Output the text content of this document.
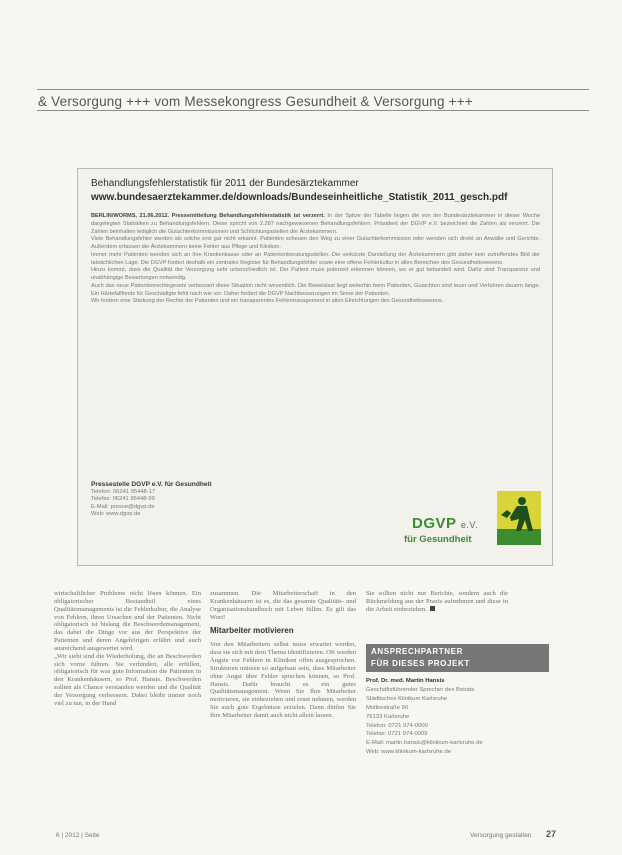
& Versorgung +++ vom Messekongress Gesundheit & Versorgung +++
Behandlungsfehlerstatistik für 2011 der Bundesärztekammer
www.bundesaerztekammer.de/downloads/Bundeseinheitliche_Statistik_2011_gesch.pdf

BERLIN/WORMS, 21.06.2012. Pressemitteilung Behandlungsfehlerstatistik ist verzerrt. In der Spitze der Tabelle liegen die von der Bundesärztekammer in dieser Woche dargelegten Statistiken zu Behandlungsfehlern. Diese spricht von 2.287 nachgewiesenen Behandlungsfehlern. Präsident der DGVP e.V. bezeichnet die Zahlen als verzerrt. Die Zahlen beinhalten lediglich die Gutachterkommissionen und Schlichtungsstellen der Ärztekammern.

Viele Behandlungsfehler werden als solche erst gar nicht erkannt. Patienten scheuen den Weg zu einer Gutachterkommission oder wenden sich direkt an Anwälte und Gerichte. Außerdem erfassen die Ärztekammern keine Fehler aus Pflege und Kliniken.

Immer mehr Patienten wenden sich an ihre Krankenkasse oder an Patientenberatungsstellen. Die verkürzte Darstellung der Ärztekammern gibt daher kein zutreffendes Bild der tatsächlichen Lage. Die DGVP fordert deshalb ein zentrales Register für Behandlungsfehler sowie eine offene Fehlerkultur in allen Bereichen des Gesundheitswesens.

Hinzu kommt, dass die Qualität der Versorgung sehr unterschiedlich ist. Der Patient muss jederzeit erkennen können, wo er gut behandelt wird. Dafür sind Transparenz und unabhängige Bewertungen notwendig.

Auch das neue Patientenrechtegesetz verbessert diese Situation nicht wesentlich. Die Beweislast liegt weiterhin beim Patienten, Gutachten sind teuer und Verfahren dauern lange. Ein Härtefallfonds für Geschädigte fehlt nach wie vor. Daher fordert die DGVP Nachbesserungen im Sinne der Patienten.

Wir fordern eine Stärkung der Rechte der Patienten und ein transparentes Fehlermanagement in allen Einrichtungen des Gesundheitswesens.

Pressestelle DGVP e.V. für Gesundheit
Telefon: 06241 95448-17
Telefax: 06241 95448-99
E-Mail: presse@dgvp.de
Web: www.dgvp.de
DGVP e.V.
für Gesundheit

wirtschaftlicher Probleme nicht lösen können. Ein obligatorischer Bestandteil eines Qualitätsmanagements ist die Fehlerkultur, die Analyse von Fehlern, ihren Ursachen und der Patienten. Nicht obligatorisch ist bislang die Beschwerdemanagement, das dabei die Dinge vor aus der Perspektive der Patienten und deren Angehörigen erfährt und auch ausreichend ausgewertet wird.

„Wir sieht sind die Wiederholung, die an Beschwerden sich vorne führen. Sie verhindert, alle erfüllen, obligatorisch für was gute Information die Patienten in den Krankenhäusern, so Prof. Hansis. Beschwerden sollten als Chance verstanden werden und die Qualität der Versorgung verbessern. Dabei bleibt immer noch viel zu tun, in der Hand

zusammen. Die Mitarbeiterschaft in den Krankenhäusern ist es, die das gesamte Qualitäts- und Organisationshandbuch mit Leben füllen. Es gilt das Wort!

Mitarbeiter motivieren

Von den Mitarbeitern selbst muss erwartet werden, dass sie sich mit dem Thema identifizieren. Oft werden Ängste vor Fehlern in Kliniken offen ausgesprochen. Strukturen müssen so aufgebaut sein, dass Mitarbeiter ohne Angst über Fehler sprechen können, so Prof. Hansis. Dafür braucht es ein gutes Qualitätsmanagement. Wenn Sie Ihre Mitarbeiter motivieren, sie einbeziehen und ernst nehmen, werden Sie auch gute Ergebnisse erzielen. Dann dürfen Sie Ihre Mitarbeiter damit auch nicht allein lassen.

Sie sollten nicht nur Berichte, sondern auch die Rückmeldung aus der Praxis aufnehmen und diese in die Arbeit einbeziehen.

ANSPRECHPARTNER
FÜR DIESES PROJEKT
Prof. Dr. med. Martin Hansis
Geschäftsführender Sprecher des Beirats
Städtisches Klinikum Karlsruhe
Moltkestraße 90
76133 Karlsruhe
Telefon: 0721 974-0000
Telefax: 0721 974-0009
E-Mail: martin.hansis@klinikum-karlsruhe.de
Web: www.klinikum-karlsruhe.de
6 | 2012 | Seite	Versorgung gestalten 27
